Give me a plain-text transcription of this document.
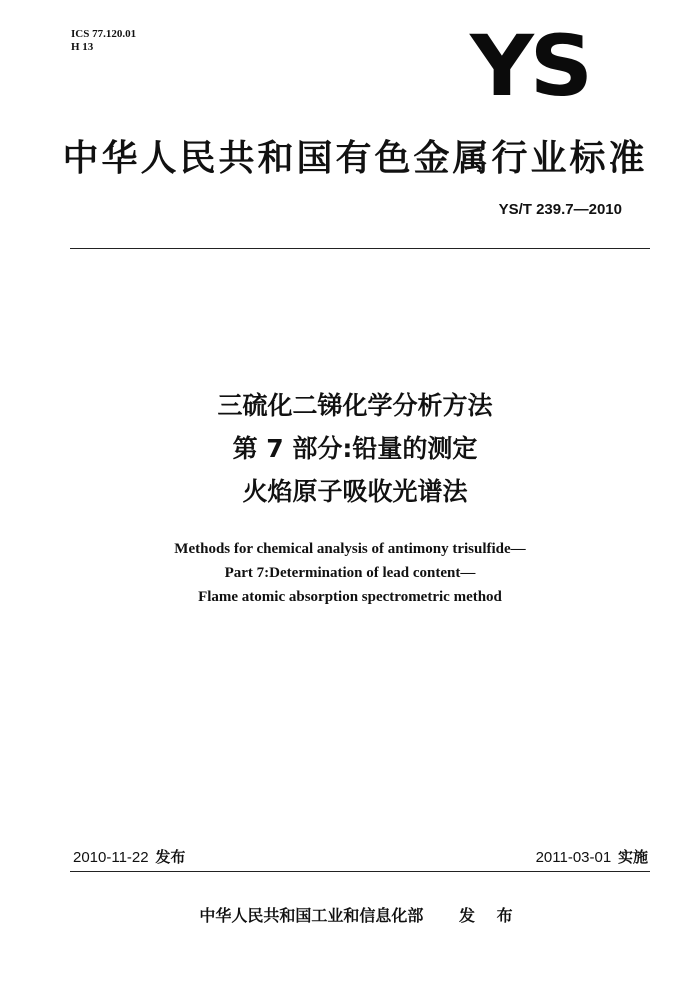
ICS 77.120.01
H 13	YS
中华人民共和国有色金属行业标准
YS/T 239.7—2010
三硫化二锑化学分析方法
第 7 部分:铅量的测定
火焰原子吸收光谱法
Methods for chemical analysis of antimony trisulfide—
Part 7:Determination of lead content—
Flame atomic absorption spectrometric method
2010-11-22 发布	2011-03-01 实施
中华人民共和国工业和信息化部 发 布
